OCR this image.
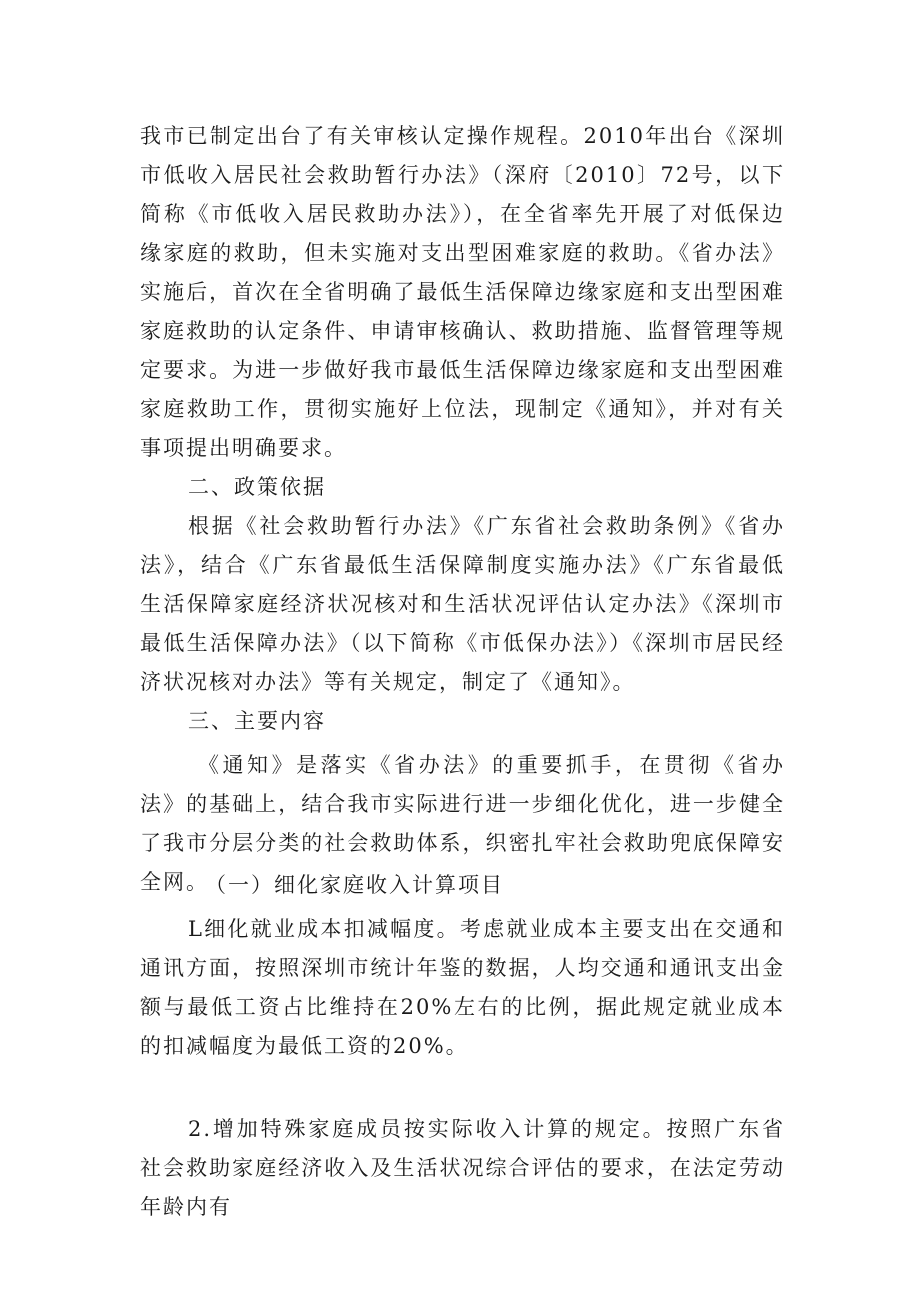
我市已制定出台了有关审核认定操作规程。2010年出台《深圳市低收入居民社会救助暂行办法》（深府〔2010〕72号，以下简称《市低收入居民救助办法》），在全省率先开展了对低保边缘家庭的救助，但未实施对支出型困难家庭的救助。《省办法》实施后，首次在全省明确了最低生活保障边缘家庭和支出型困难家庭救助的认定条件、申请审核确认、救助措施、监督管理等规定要求。为进一步做好我市最低生活保障边缘家庭和支出型困难家庭救助工作，贯彻实施好上位法，现制定《通知》，并对有关事项提出明确要求。

二、政策依据

根据《社会救助暂行办法》《广东省社会救助条例》《省办法》，结合《广东省最低生活保障制度实施办法》《广东省最低生活保障家庭经济状况核对和生活状况评估认定办法》《深圳市最低生活保障办法》（以下简称《市低保办法》）《深圳市居民经济状况核对办法》等有关规定，制定了《通知》。

三、主要内容

《通知》是落实《省办法》的重要抓手，在贯彻《省办法》的基础上，结合我市实际进行进一步细化优化，进一步健全了我市分层分类的社会救助体系，织密扎牢社会救助兜底保障安全网。

（一）细化家庭收入计算项目

L细化就业成本扣减幅度。考虑就业成本主要支出在交通和通讯方面，按照深圳市统计年鉴的数据，人均交通和通讯支出金额与最低工资占比维持在20%左右的比例，据此规定就业成本的扣减幅度为最低工资的20%。

2.增加特殊家庭成员按实际收入计算的规定。按照广东省社会救助家庭经济收入及生活状况综合评估的要求，在法定劳动年龄内有
